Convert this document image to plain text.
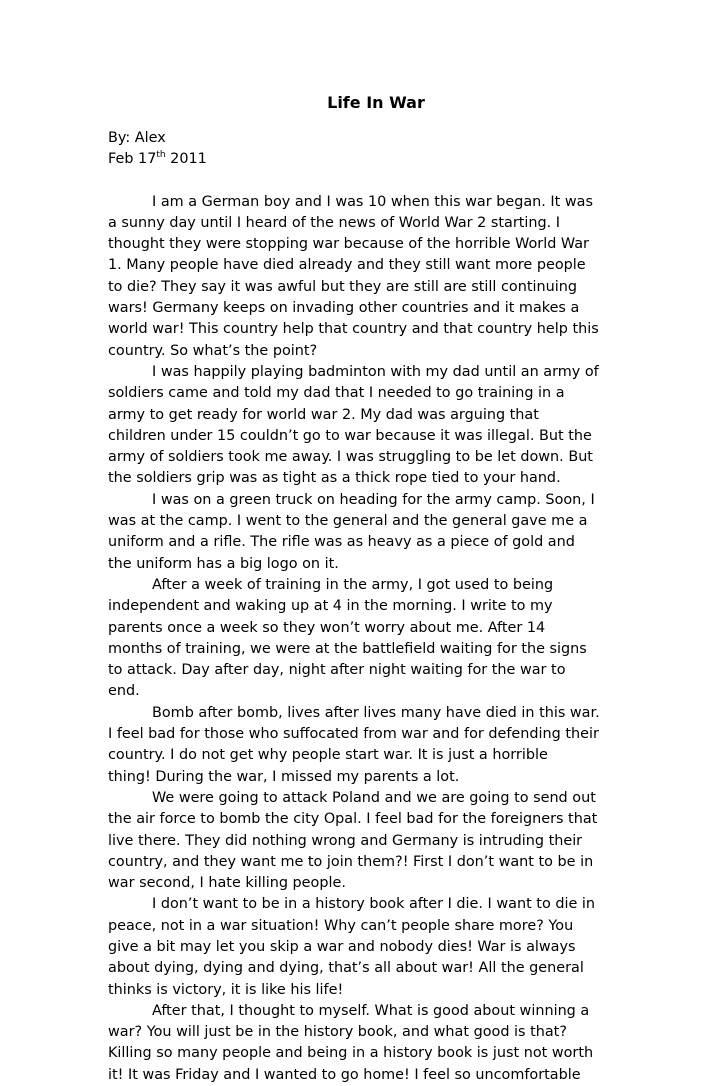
Life In War

By: Alex

Feb 17th 2011

I am a German boy and I was 10 when this war began. It was
a sunny day until I heard of the news of World War 2 starting. I
thought they were stopping war because of the horrible World War
1. Many people have died already and they still want more people
to die? They say it was awful but they are still are still continuing
wars! Germany keeps on invading other countries and it makes a
world war! This country help that country and that country help this
country. So what’s the point?
I was happily playing badminton with my dad until an army of
soldiers came and told my dad that I needed to go training in a
army to get ready for world war 2. My dad was arguing that
children under 15 couldn’t go to war because it was illegal. But the
army of soldiers took me away. I was struggling to be let down. But
the soldiers grip was as tight as a thick rope tied to your hand.
I was on a green truck on heading for the army camp. Soon, I
was at the camp. I went to the general and the general gave me a
uniform and a rifle. The rifle was as heavy as a piece of gold and
the uniform has a big logo on it.
After a week of training in the army, I got used to being
independent and waking up at 4 in the morning. I write to my
parents once a week so they won’t worry about me. After 14
months of training, we were at the battlefield waiting for the signs
to attack. Day after day, night after night waiting for the war to
end.
Bomb after bomb, lives after lives many have died in this war.
I feel bad for those who suffocated from war and for defending their
country. I do not get why people start war. It is just a horrible
thing! During the war, I missed my parents a lot.
We were going to attack Poland and we are going to send out
the air force to bomb the city Opal. I feel bad for the foreigners that
live there. They did nothing wrong and Germany is intruding their
country, and they want me to join them?! First I don’t want to be in
war second, I hate killing people.
I don’t want to be in a history book after I die. I want to die in
peace, not in a war situation! Why can’t people share more? You
give a bit may let you skip a war and nobody dies! War is always
about dying, dying and dying, that’s all about war! All the general
thinks is victory, it is like his life!
After that, I thought to myself. What is good about winning a
war? You will just be in the history book, and what good is that?
Killing so many people and being in a history book is just not worth
it! It was Friday and I wanted to go home! I feel so uncomfortable
